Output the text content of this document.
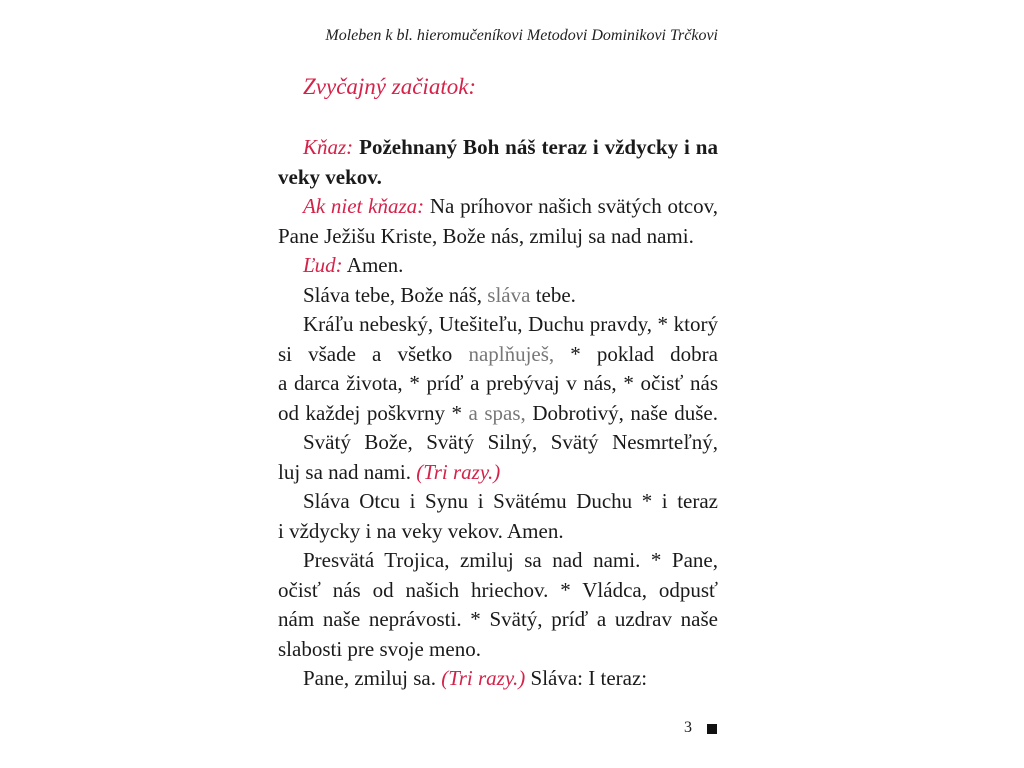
Moleben k bl. hieromučeníkovi Metodovi Dominikovi Trčkovi
Zvyčajný začiatok:
Kňaz: Požehnaný Boh náš teraz i vždycky i na
veky vekov.
Ak niet kňaza: Na príhovor našich svätých otcov,
Pane Ježišu Kriste, Bože nás, zmiluj sa nad nami.
Ľud: Amen.
Sláva tebe, Bože náš, sláva tebe.
Kráľu nebeský, Utešiteľu, Duchu pravdy, * ktorý
si všade a všetko naplňuješ, * poklad dobra
a darca života, * príď a prebývaj v nás, * očisť nás
od každej poškvrny * a spas, Dobrotivý, naše duše.
Svätý Bože, Svätý Silný, Svätý Nesmrteľný,
luj sa nad nami. (Tri razy.)
Sláva Otcu i Synu i Svätému Duchu * i teraz
i vždycky i na veky vekov. Amen.
Presvätá Trojica, zmiluj sa nad nami. * Pane,
očisť nás od našich hriechov. * Vládca, odpusť
nám naše neprávosti. * Svätý, príď a uzdrav naše
slabosti pre svoje meno.
Pane, zmiluj sa. (Tri razy.) Sláva: I teraz:
3
